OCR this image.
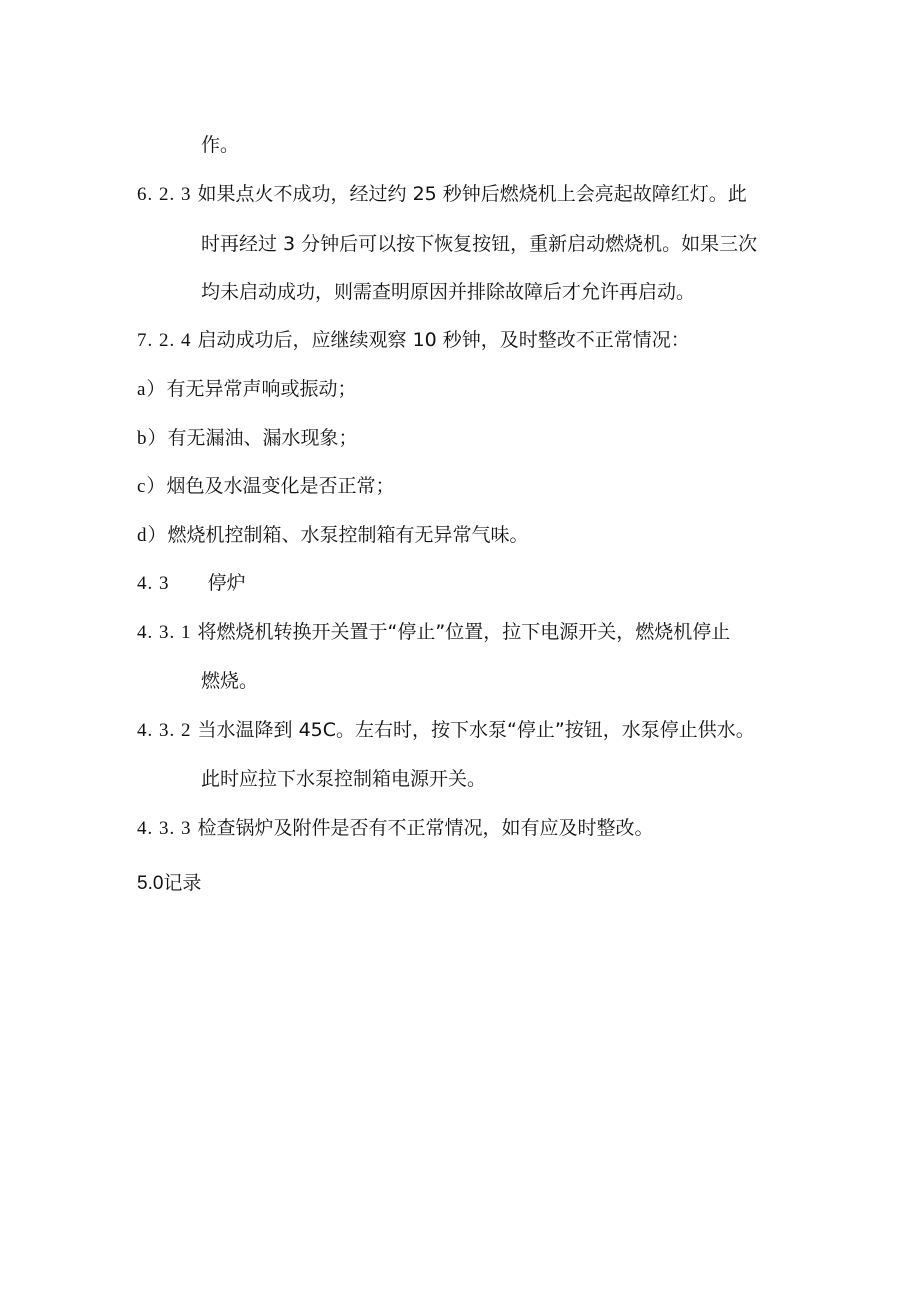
作。
6. 2. 3 如果点火不成功，经过约 25 秒钟后燃烧机上会亮起故障红灯。此
时再经过 3 分钟后可以按下恢复按钮，重新启动燃烧机。如果三次
均未启动成功，则需查明原因并排除故障后才允许再启动。
7. 2. 4 启动成功后，应继续观察 10 秒钟，及时整改不正常情况：
a）有无异常声响或振动；
b）有无漏油、漏水现象；
c）烟色及水温变化是否正常；
d）燃烧机控制箱、水泵控制箱有无异常气味。
4. 3 停炉
4. 3. 1 将燃烧机转换开关置于“停止”位置，拉下电源开关，燃烧机停止
燃烧。
4. 3. 2 当水温降到 45C。左右时，按下水泵“停止”按钮，水泵停止供水。
此时应拉下水泵控制箱电源开关。
4. 3. 3 检查锅炉及附件是否有不正常情况，如有应及时整改。
5.0记录
